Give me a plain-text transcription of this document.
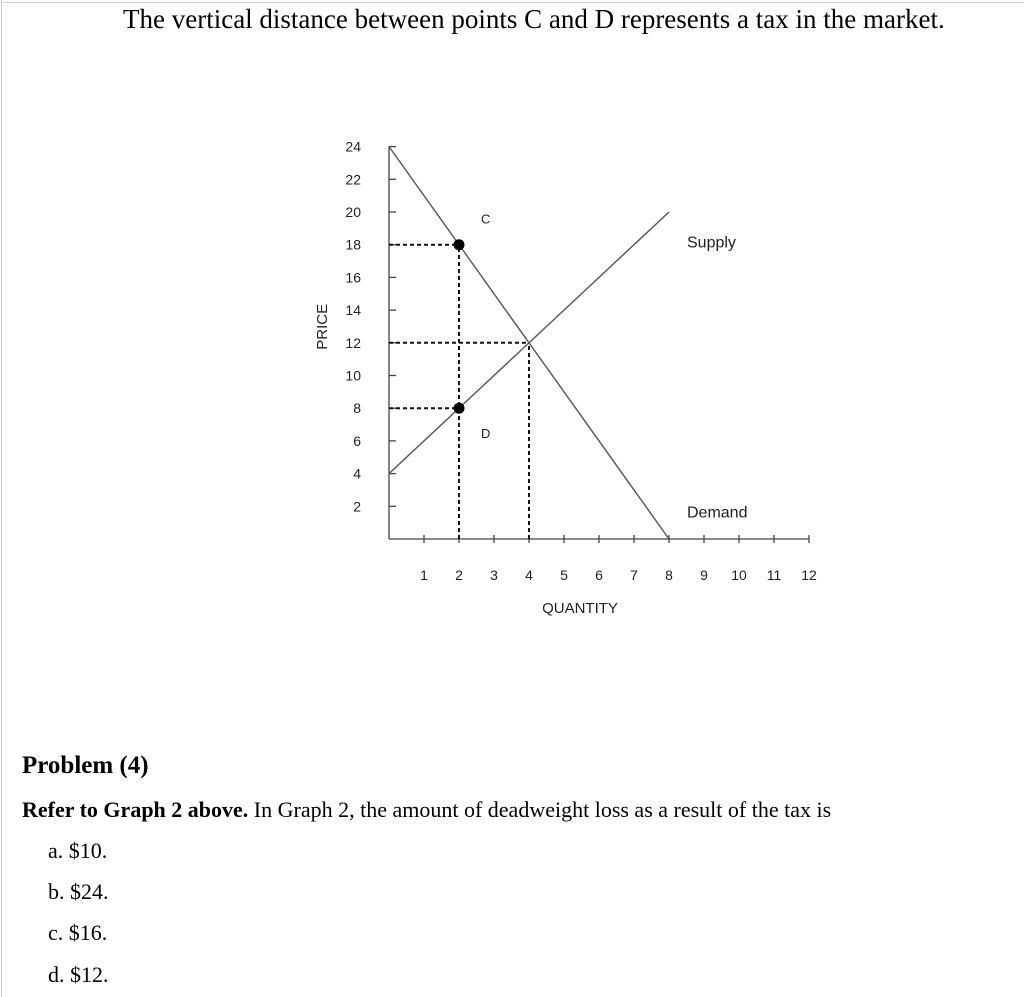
The vertical distance between points C and D represents a tax in the market.
2
4
6
8
10
12
14
16
18
20
22
24
1 2 3 4 5 6 7 8 9 10 11 12
QUANTITY
PRICE
Supply
Demand
C
D
Problem (4)
Refer to Graph 2 above. In Graph 2, the amount of deadweight loss as a result of the tax is
a. $10.
b. $24.
c. $16.
d. $12.
